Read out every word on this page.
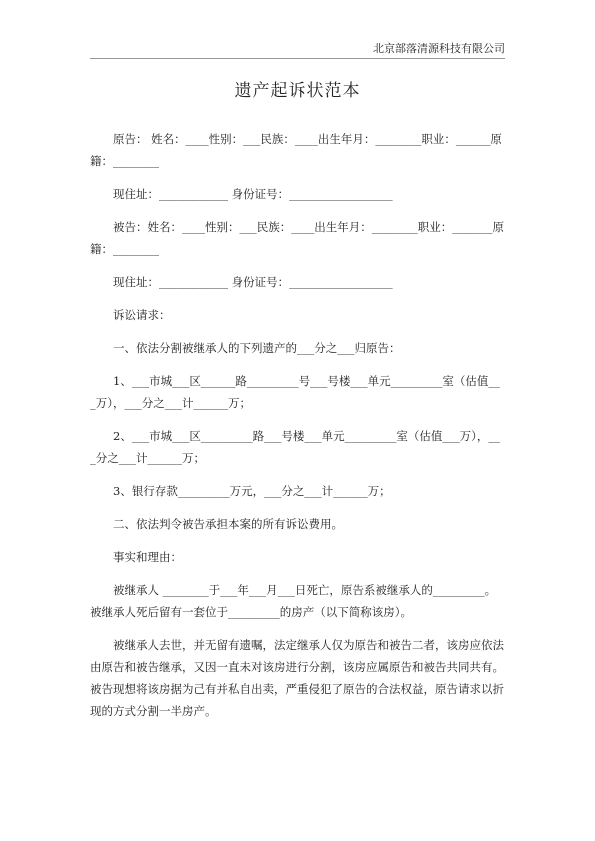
北京部落清源科技有限公司
遗产起诉状范本

原告： 姓名：____性别：___民族：____出生年月：________职业：______原籍：________

现住址：____________ 身份证号：__________________

被告：姓名：____性别：___民族：____出生年月：________职业：_______原籍：________

现住址：____________ 身份证号：__________________

诉讼请求：

一、依法分割被继承人的下列遗产的___分之___归原告：

1、___市城___区______路_________号___号楼___单元_________室（估值___万），___分之___计______万；

2、___市城___区_________路___号楼___单元_________室（估值___万），___分之___计______万；

3、银行存款_________万元，___分之___计______万；

二、依法判令被告承担本案的所有诉讼费用。

事实和理由：

被继承人 ________于___年___月___日死亡，原告系被继承人的_________。被继承人死后留有一套位于_________的房产（以下简称该房）。

被继承人去世，并无留有遗嘱，法定继承人仅为原告和被告二者，该房应依法由原告和被告继承，又因一直未对该房进行分割，该房应属原告和被告共同共有。被告现想将该房据为己有并私自出卖，严重侵犯了原告的合法权益，原告请求以折现的方式分割一半房产。
